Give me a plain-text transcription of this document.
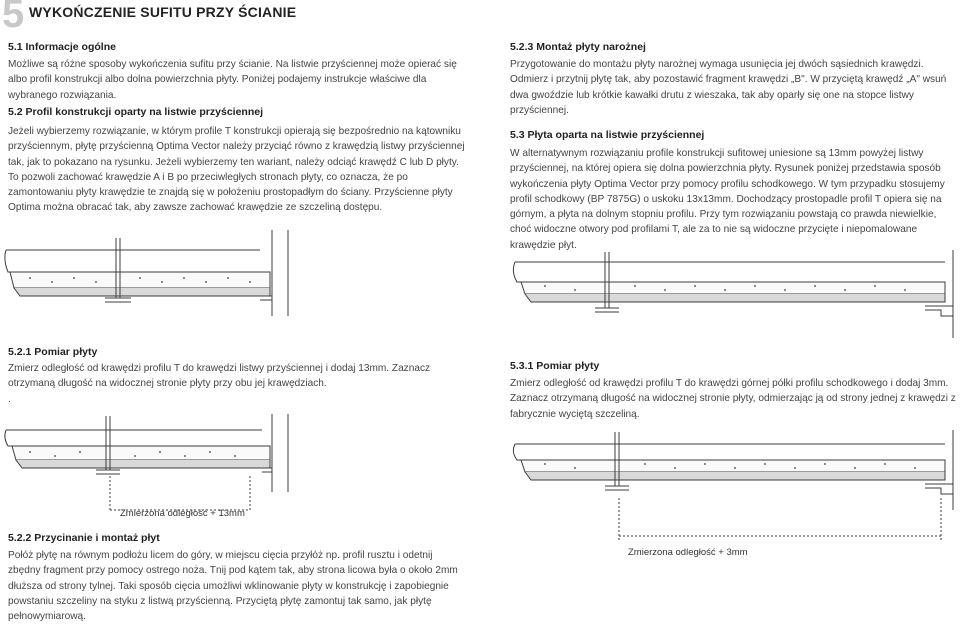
5 WYKOŃCZENIE SUFITU PRZY ŚCIANIE
5.1 Informacje ogólne

Możliwe są różne sposoby wykończenia sufitu przy ścianie. Na listwie przyściennej może opierać się albo profil konstrukcji albo dolna powierzchnia płyty. Poniżej podajemy instrukcje właściwe dla wybranego rozwiązania.

5.2 Profil konstrukcji oparty na listwie przyściennej

Jeżeli wybierzemy rozwiązanie, w którym profile T konstrukcji opierają się bezpośrednio na kątowniku przyściennym, płytę przyścienną Optima Vector należy przyciąć równo z krawędzią listwy przyściennej tak, jak to pokazano na rysunku. Jeżeli wybierzemy ten wariant, należy odciąć krawędź C lub D płyty. To pozwoli zachować krawędzie A i B po przeciwległych stronach płyty, co oznacza, że po zamontowaniu płyty krawędzie te znajdą się w położeniu prostopadłym do ściany. Przyścienne płyty Optima można obracać tak, aby zawsze zachować krawędzie ze szczeliną dostępu.

5.2.1 Pomiar płyty

Zmierz odległość od krawędzi profilu T do krawędzi listwy przyściennej i dodaj 13mm. Zaznacz otrzymaną długość na widocznej stronie płyty przy obu jej krawędziach.

.
Zmierzona odległość + 13mm
5.2.2 Przycinanie i montaż płyt

Połóż płytę na równym podłożu licem do góry, w miejscu cięcia przyłóż np. profil rusztu i odetnij zbędny fragment przy pomocy ostrego noża. Tnij pod kątem tak, aby strona licowa była o około 2mm dłuższa od strony tylnej. Taki sposób cięcia umożliwi wklinowanie płyty w konstrukcję i zapobiegnie powstaniu szczeliny na styku z listwą przyścienną. Przyciętą płytę zamontuj tak samo, jak płytę pełnowymiarową.

5.2.3 Montaż płyty narożnej

Przygotowanie do montażu płyty narożnej wymaga usunięcia jej dwóch sąsiednich krawędzi. Odmierz i przytnij płytę tak, aby pozostawić fragment krawędzi „B". W przyciętą krawędź „A" wsuń dwa gwoździe lub krótkie kawałki drutu z wieszaka, tak aby oparły się one na stopce listwy przyściennej.

5.3 Płyta oparta na listwie przyściennej

W alternatywnym rozwiązaniu profile konstrukcji sufitowej uniesione są 13mm powyżej listwy przyściennej, na której opiera się dolna powierzchnia płyty. Rysunek poniżej przedstawia sposób wykończenia płyty Optima Vector przy pomocy profilu schodkowego. W tym przypadku stosujemy profil schodkowy (BP 7875G) o uskoku 13x13mm. Dochodzący prostopadle profil T opiera się na górnym, a płyta na dolnym stopniu profilu. Przy tym rozwiązaniu powstają co prawda niewielkie, choć widoczne otwory pod profilami T, ale za to nie są widoczne przycięte i niepomalowane krawędzie płyt.

5.3.1 Pomiar płyty

Zmierz odległość od krawędzi profilu T do krawędzi górnej półki profilu schodkowego i dodaj 3mm. Zaznacz otrzymaną długość na widocznej stronie płyty, odmierzając ją od strony jednej z krawędzi z fabrycznie wyciętą szczeliną.

Zmierzona odległość + 3mm
